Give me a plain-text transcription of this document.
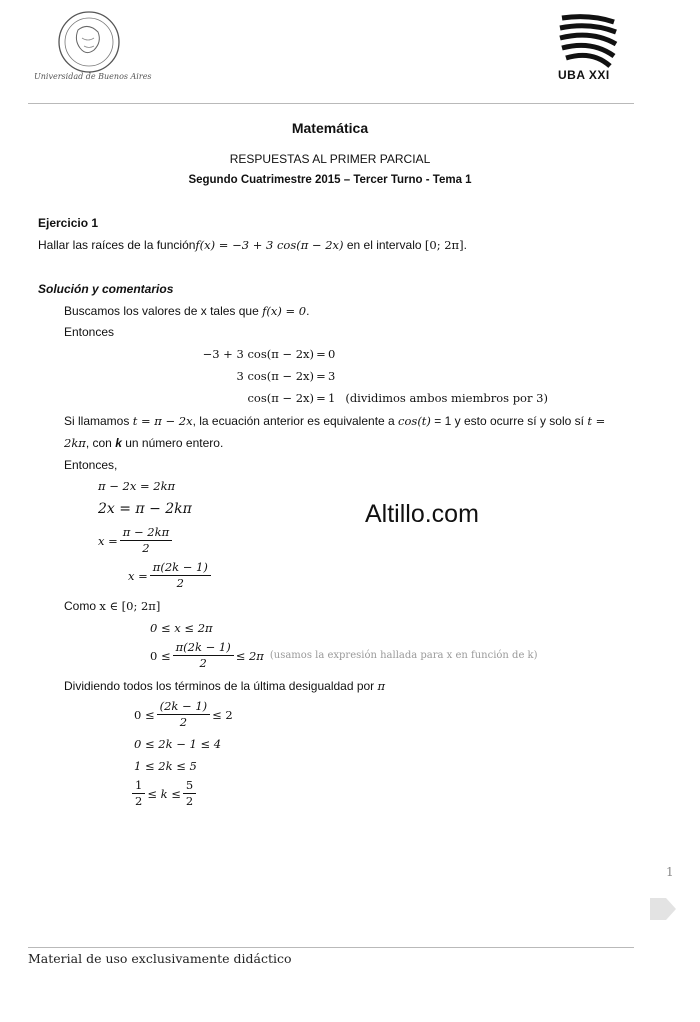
Universidad de Buenos Aires	UBA XXI
Matemática
RESPUESTAS AL PRIMER PARCIAL
Segundo Cuatrimestre 2015 – Tercer Turno - Tema 1
Ejercicio 1
Hallar las raíces de la función f(x) = −3 + 3 cos(π − 2x) en el intervalo [0; 2π] .
Solución y comentarios
Buscamos los valores de x tales que f(x) = 0 .
Entonces
−3 + 3 cos(π − 2x) = 0
3 cos(π − 2x) = 3
cos(π − 2x) = 1 (dividimos ambos miembros por 3)
Si llamamos t = π − 2x , la ecuación anterior es equivalente a cos(t) = 1 y esto ocurre sí y solo sí t =
2kπ , con k un número entero.
Entonces,
π − 2x = 2kπ
2x = π − 2kπ
$x = \frac{\pi - 2k\pi}{2}$
$x = \frac{\pi(2k - 1)}{2}$
Como x ∈ [0; 2π]
0 ≤ x ≤ 2π
$0 \le \frac{\pi(2k - 1)}{2} \le 2\pi$ (usamos la expresión hallada para x en función de k)
Dividiendo todos los términos de la última desigualdad por π
$0 \le \frac{(2k - 1)}{2} \le 2$
0 ≤ 2k − 1 ≤ 4
1 ≤ 2k ≤ 5
$\frac{1}{2} \le k \le \frac{5}{2}$
Altillo.com
1
Material de uso exclusivamente didáctico
